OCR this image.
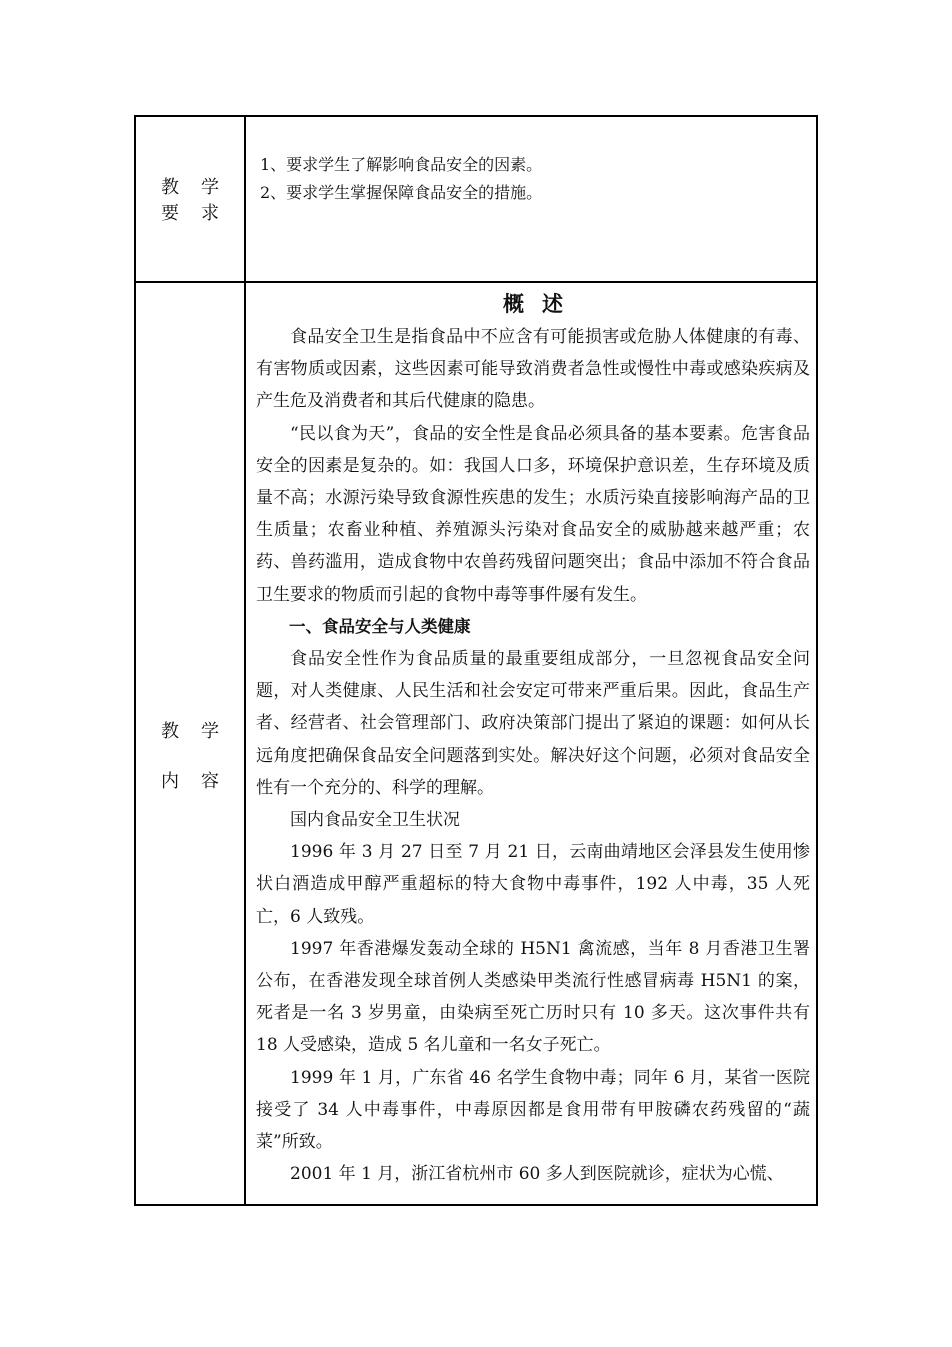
教学
要求
1、要求学生了解影响食品安全的因素。
2、要求学生掌握保障食品安全的措施。
教学
内容

概述

食品安全卫生是指食品中不应含有可能损害或危胁人体健康的有毒、有害物质或因素，这些因素可能导致消费者急性或慢性中毒或感染疾病及产生危及消费者和其后代健康的隐患。

“民以食为天”，食品的安全性是食品必须具备的基本要素。危害食品安全的因素是复杂的。如：我国人口多，环境保护意识差，生存环境及质量不高；水源污染导致食源性疾患的发生；水质污染直接影响海产品的卫生质量；农畜业种植、养殖源头污染对食品安全的威胁越来越严重；农药、兽药滥用，造成食物中农兽药残留问题突出；食品中添加不符合食品卫生要求的物质而引起的食物中毒等事件屡有发生。

一、食品安全与人类健康

食品安全性作为食品质量的最重要组成部分，一旦忽视食品安全问题，对人类健康、人民生活和社会安定可带来严重后果。因此，食品生产者、经营者、社会管理部门、政府决策部门提出了紧迫的课题：如何从长远角度把确保食品安全问题落到实处。解决好这个问题，必须对食品安全性有一个充分的、科学的理解。

国内食品安全卫生状况

1996 年 3 月 27 日至 7 月 21 日，云南曲靖地区会泽县发生使用惨状白酒造成甲醇严重超标的特大食物中毒事件，192 人中毒，35 人死亡，6 人致残。

1997 年香港爆发轰动全球的 H5N1 禽流感，当年 8 月香港卫生署公布，在香港发现全球首例人类感染甲类流行性感冒病毒 H5N1 的案，死者是一名 3 岁男童，由染病至死亡历时只有 10 多天。这次事件共有 18 人受感染，造成 5 名儿童和一名女子死亡。

1999 年 1 月，广东省 46 名学生食物中毒；同年 6 月，某省一医院接受了 34 人中毒事件，中毒原因都是食用带有甲胺磷农药残留的“蔬菜”所致。

2001 年 1 月，浙江省杭州市 60 多人到医院就诊，症状为心慌、
